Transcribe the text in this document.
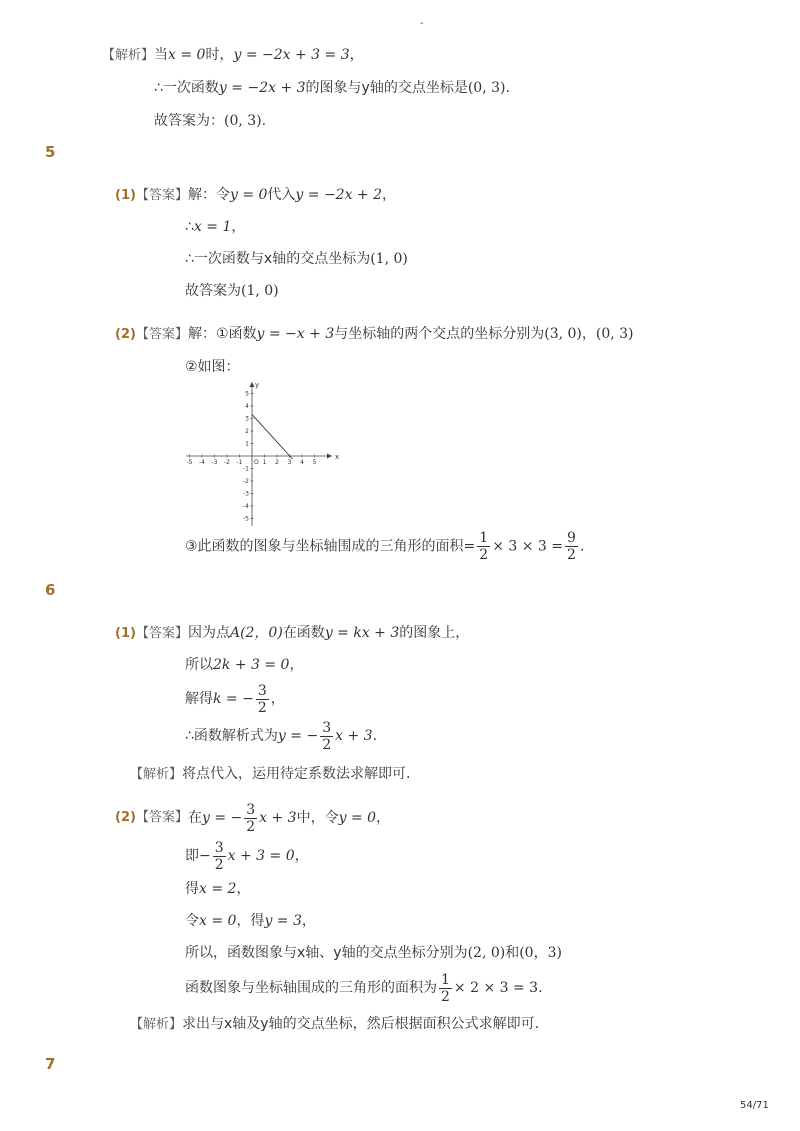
-
【解析】当x = 0时，y = −2x + 3 = 3，
∴一次函数y = −2x + 3的图象与y轴的交点坐标是(0, 3).
故答案为：(0, 3).
5
(1)【答案】解：令y = 0代入y = −2x + 2，
∴x = 1，
∴一次函数与x轴的交点坐标为(1, 0)
故答案为(1, 0)
(2)【答案】解：①函数y = −x + 3与坐标轴的两个交点的坐标分别为(3, 0)，(0, 3)
②如图：
x
y
O
-5 -4 -3 -2 -1	1 2 3 4 5
5
4
3
2
1
-1
-2
-3
-4
-5
③此函数的图象与坐标轴围成的三角形的面积= $\frac{1}{2} \times 3 \times 3 = \frac{9}{2}$ .
6
(1)【答案】因为点A(2，0)在函数y = kx + 3的图象上，
所以2k + 3 = 0，
解得 k = − $\frac{3}{2}$ ，
∴函数解析式为 y = − $\frac{3}{2}$ x + 3 .
【解析】将点代入，运用待定系数法求解即可.
(2) 【答案】 在 y = − $\frac{3}{2}$ x + 3 中，令 y = 0 ，
即 − $\frac{3}{2}$ x + 3 = 0 ，
得x = 2，
令x = 0，得y = 3，
所以，函数图象与x轴、y轴的交点坐标分别为(2, 0)和(0，3)
函数图象与坐标轴围成的三角形的面积为 $\frac{1}{2} \times 2 \times 3 = 3$ .
【解析】求出与x轴及y轴的交点坐标，然后根据面积公式求解即可.
7
54/71
